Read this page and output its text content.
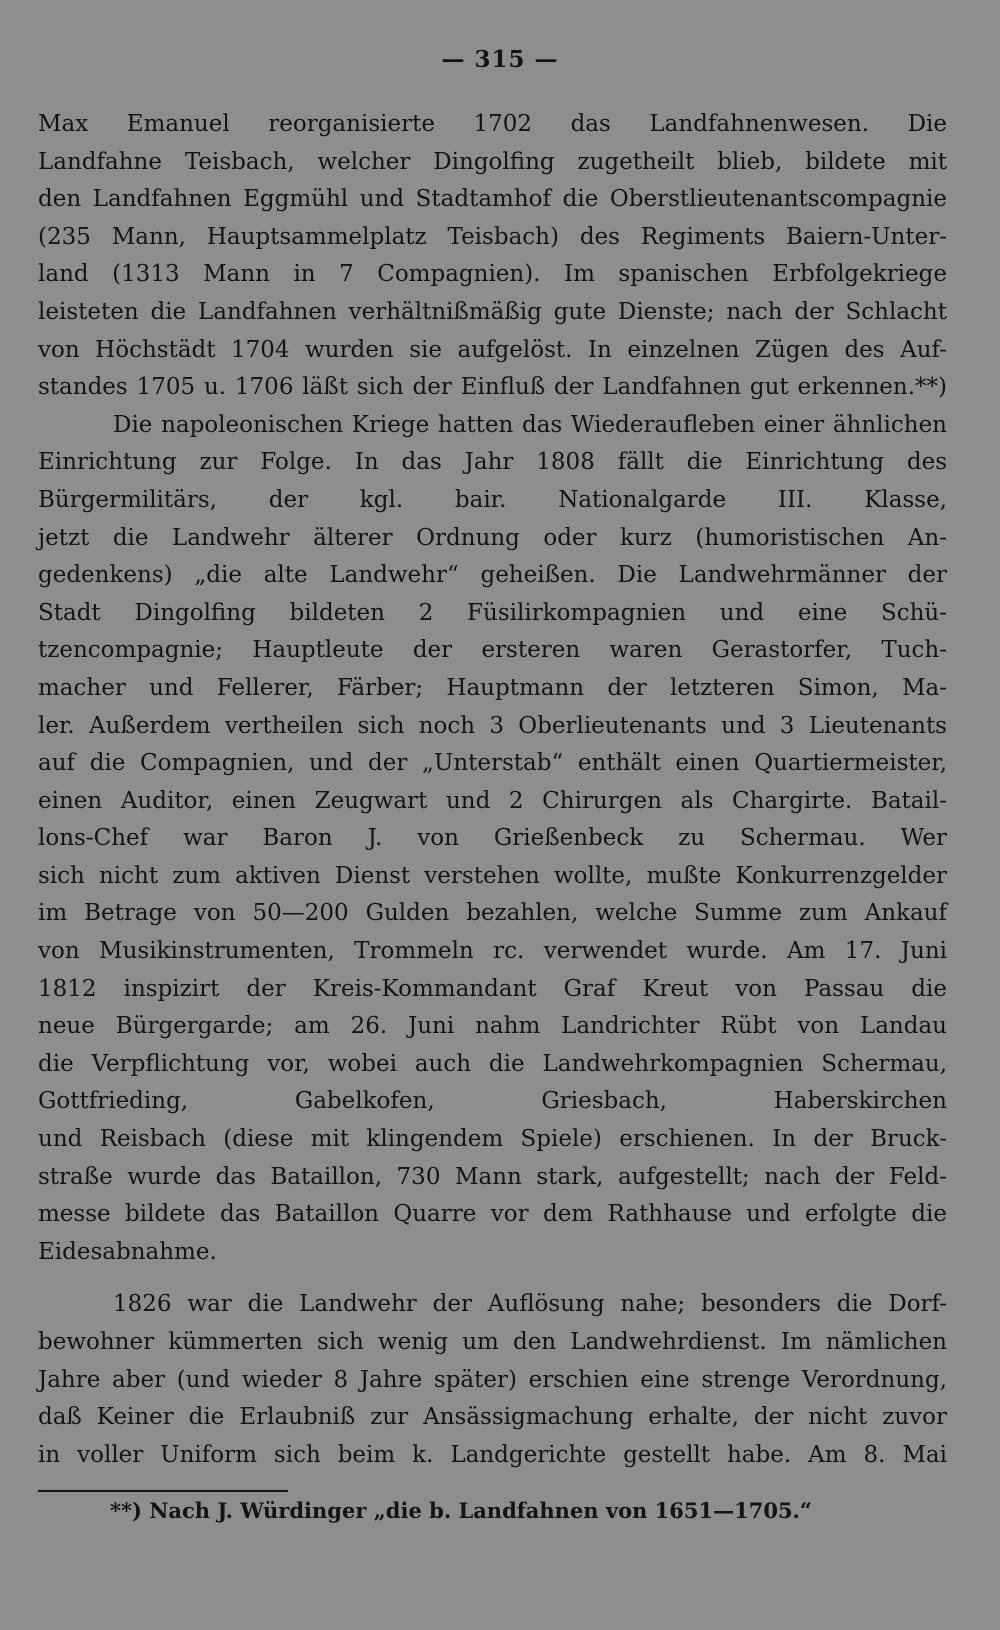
— 315 —
Max Emanuel reorganisierte 1702 das Landfahnenwesen. Die
Landfahne Teisbach, welcher Dingolfing zugetheilt blieb, bildete mit
den Landfahnen Eggmühl und Stadtamhof die Oberstlieutenantscompagnie
(235 Mann, Hauptsammelplatz Teisbach) des Regiments Baiern-Unter-
land (1313 Mann in 7 Compagnien). Im spanischen Erbfolgekriege
leisteten die Landfahnen verhältnißmäßig gute Dienste; nach der Schlacht
von Höchstädt 1704 wurden sie aufgelöst. In einzelnen Zügen des Auf-
standes 1705 u. 1706 läßt sich der Einfluß der Landfahnen gut erkennen.**)
Die napoleonischen Kriege hatten das Wiederaufleben einer ähnlichen
Einrichtung zur Folge. In das Jahr 1808 fällt die Einrichtung des
Bürgermilitärs, der kgl. bair. Nationalgarde III. Klasse,
jetzt die Landwehr älterer Ordnung oder kurz (humoristischen An-
gedenkens) „die alte Landwehr“ geheißen. Die Landwehrmänner der
Stadt Dingolfing bildeten 2 Füsilirkompagnien und eine Schü-
tzencompagnie; Hauptleute der ersteren waren Gerastorfer, Tuch-
macher und Fellerer, Färber; Hauptmann der letzteren Simon, Ma-
ler. Außerdem vertheilen sich noch 3 Oberlieutenants und 3 Lieutenants
auf die Compagnien, und der „Unterstab“ enthält einen Quartiermeister,
einen Auditor, einen Zeugwart und 2 Chirurgen als Chargirte. Batail-
lons-Chef war Baron J. von Grießenbeck zu Schermau. Wer
sich nicht zum aktiven Dienst verstehen wollte, mußte Konkurrenzgelder
im Betrage von 50—200 Gulden bezahlen, welche Summe zum Ankauf
von Musikinstrumenten, Trommeln rc. verwendet wurde. Am 17. Juni
1812 inspizirt der Kreis-Kommandant Graf Kreut von Passau die
neue Bürgergarde; am 26. Juni nahm Landrichter Rübt von Landau
die Verpflichtung vor, wobei auch die Landwehrkompagnien Schermau,
Gottfrieding, Gabelkofen, Griesbach, Haberskirchen
und Reisbach (diese mit klingendem Spiele) erschienen. In der Bruck-
straße wurde das Bataillon, 730 Mann stark, aufgestellt; nach der Feld-
messe bildete das Bataillon Quarre vor dem Rathhause und erfolgte die
Eidesabnahme.
1826 war die Landwehr der Auflösung nahe; besonders die Dorf-
bewohner kümmerten sich wenig um den Landwehrdienst. Im nämlichen
Jahre aber (und wieder 8 Jahre später) erschien eine strenge Verordnung,
daß Keiner die Erlaubniß zur Ansässigmachung erhalte, der nicht zuvor
in voller Uniform sich beim k. Landgerichte gestellt habe. Am 8. Mai
**) Nach J. Würdinger „die b. Landfahnen von 1651—1705.“
